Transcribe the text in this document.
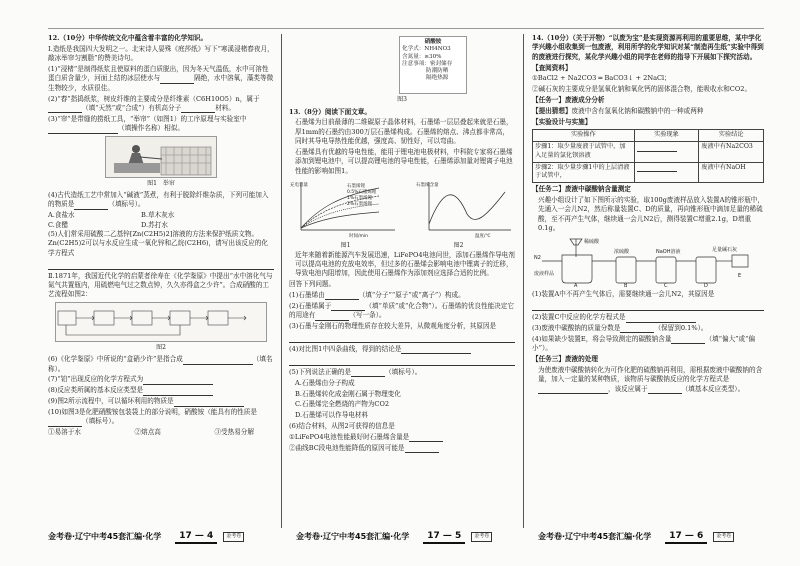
12.（10分）中华传统文化中蕴含着丰富的化学知识。

Ⅰ.造纸是我国四大发明之一。北宋诗人晏殊《庭莎纸》写下“寒溪浸楮舂夜月，敲冰举帘匀割脂”的赞美诗句。

(1)“浸楮”是制得纸浆且使原料的蛋白质脱出，因为冬天气温低，水中可溶性蛋白质含量少，河面上结的冰层使水与	隔绝，水中溶氧，藻类等微生物较少，水质很佳。

(2)“舂”指捣纸浆，树皮纤维的主要成分是纤维素（C6H10O5）n，属于（填“天然”或“合成”）有机高分子	材料。

(3)“帘”是带缝的捞纸工具，“举帘”（如图1）的工序原理与实验室中（填操作名称）相似。

图1　举帘

(4)古代造纸工艺中常加入“碱液”蒸煮，有利于脱除纤维杂质，下列可能加入的物质是	（填标号）。

A.食盐水	B.草木灰水
C.食醋	D.苏打水

(5)人们常采用硫酸二乙基锌[Zn(C2H5)2]溶液的方法来保护纸质文物。Zn(C2H5)2可以与水反应生成一氧化锌和乙烷(C2H6)，请写出该反应的化学方程式

Ⅱ.1871年，我国近代化学的启蒙者徐寿在《化学鉴原》中提出“水中溶化气与氮气共置瓶内，用硫燃电气过之数点钟，久久亦得盒之少许”。合成硝酸的工艺流程如图2：

图2

(6)《化学鉴原》中所说的“盒硝少许”是指合成	（填名称）。

(7)“铂”出现反应的化学方程式为

(8)反应类所属的基本反应类型是

(9)图2所示流程中，可以循环利用的物质是

(10)如图3是化肥硝酸铵包装袋上的部分说明，硝酸铵（能具有的性质是（填标号）。

①易溶于水	②熔点高	③受热易分解
硝酸铵
化学式：NH4NO3
含氮量：≥30%
注意事项：密封储存
防潮防晒
隔绝热源

图3

13.（8分）阅读下面文章。

石墨烯为目前最薄的二维碳原子晶体材料，石墨烯一层层叠起来就是石墨，厚1mm的石墨约由300万层石墨烯构成。石墨烯的熔点、沸点都非常高，同时其导电导热性能优越，强度高、韧性好，可以弯曲。

石墨烯具有优越的导电性能，能用于锂电池电极材料，中科院专家将石墨烯添加到锂电池中，可以提高锂电池的导电性能，石墨烯添加量对锂离子电池性能的影响如图1。

石墨烯锂
0.5%石墨烯锂
1%石墨烯锂
2%石墨烯锂
充电容量
时间/min
石墨烯含量
温度/℃
图1	图2

近年来随着新能源汽车发展迅速，LiFePO4电池问世，添加石墨烯作导电剂可以提高电池的充放电效率，但过多的石墨烯会影响电池中锂离子的迁移，导致电池内阻增加，因此使用石墨烯作为添加剂应选择合适的比例。

回答下列问题。

(1)石墨烯由	（填“分子”“原子”或“离子”）构成。

(2)石墨烯属于	（填“单质”或“化合物”）。石墨烯的优良性能决定它的用途有	（写一条）。

(3)石墨与金刚石的物理性质存在较大差异，从微观角度分析，其原因是

(4)对比图1中四条曲线，得到的结论是

(5)下列说法正确的是	（填标号）。

A.石墨烯由分子构成

B.石墨烯转化成金刚石属于物理变化

C.石墨烯完全燃烧的产物为CO2

D.石墨烯可以作导电材料

(6)结合材料，从图2可获得的信息是

①LiFePO4电池性能最好时石墨烯含量是

②曲线BC段电池性能降低的原因可能是

14.（10分）（关于开物）“以废为宝”是实现资源再利用的重要思维，某中学化学兴趣小组收集到一包废液，利用所学的化学知识对某“制造再生纸”实验中得到的废液进行探究，某化学兴趣小组的同学在老师的指导下开展如下探究活动。

【查阅资料】

①BaCl2 + Na2CO3 ═ BaCO3↓ + 2NaCl；

②碱石灰的主要成分是氢氧化钠和氧化钙的固体混合物，能吸收水和CO2。

【任务一】废液成分分析

【提出猜想】废液中含有氢氧化钠和碳酸钠中的一种或两种

【实验设计与实施】

实验操作	实验现象	实验结论
步骤1：取少量废液于试管中，加入足量的氯化钡溶液		废液中有Na2CO3
步骤2：取少量步骤1中的上层清液于试管中，		废液中有NaOH

【任务二】废液中碳酸钠含量测定

兴趣小组设计了如下图所示的实验，取100g废液样品放入装置A的锥形瓶中，先通入一会儿N2，然后称量装置C、D的质量，再向锥形瓶中滴加足量的稀硫酸，至不再产生气体，继续通一会儿N2后，测得装置C增重2.1g，D增重0.1g。

N2
稀硫酸
废液样品
浓硫酸	NaOH溶液	足量碱石灰
A	B	C	D
E

(1)装置A中不再产生气体后，需要继续通一会儿N2，其原因是

(2)装置C中反应的化学方程式是

(3)废液中碳酸钠的质量分数是	（保留到0.1%）。

(4)如果缺少装置E，将会导致测定的碳酸钠含量	（填“偏大”或“偏小”）。

【任务三】废液的处理

为使废液中碳酸钠转化为可作化肥的硫酸钠再利用，需根据废液中碳酸钠的含量，加入一定量的某种物质，该物质与碳酸钠反应的化学方程式是，该反应属于	（填基本反应类型）。

金考卷·辽宁中考45套汇编·化学	17 — 4	金考卷	金考卷·辽宁中考45套汇编·化学	17 — 5	金考卷	金考卷·辽宁中考45套汇编·化学	17 — 6	金考卷
